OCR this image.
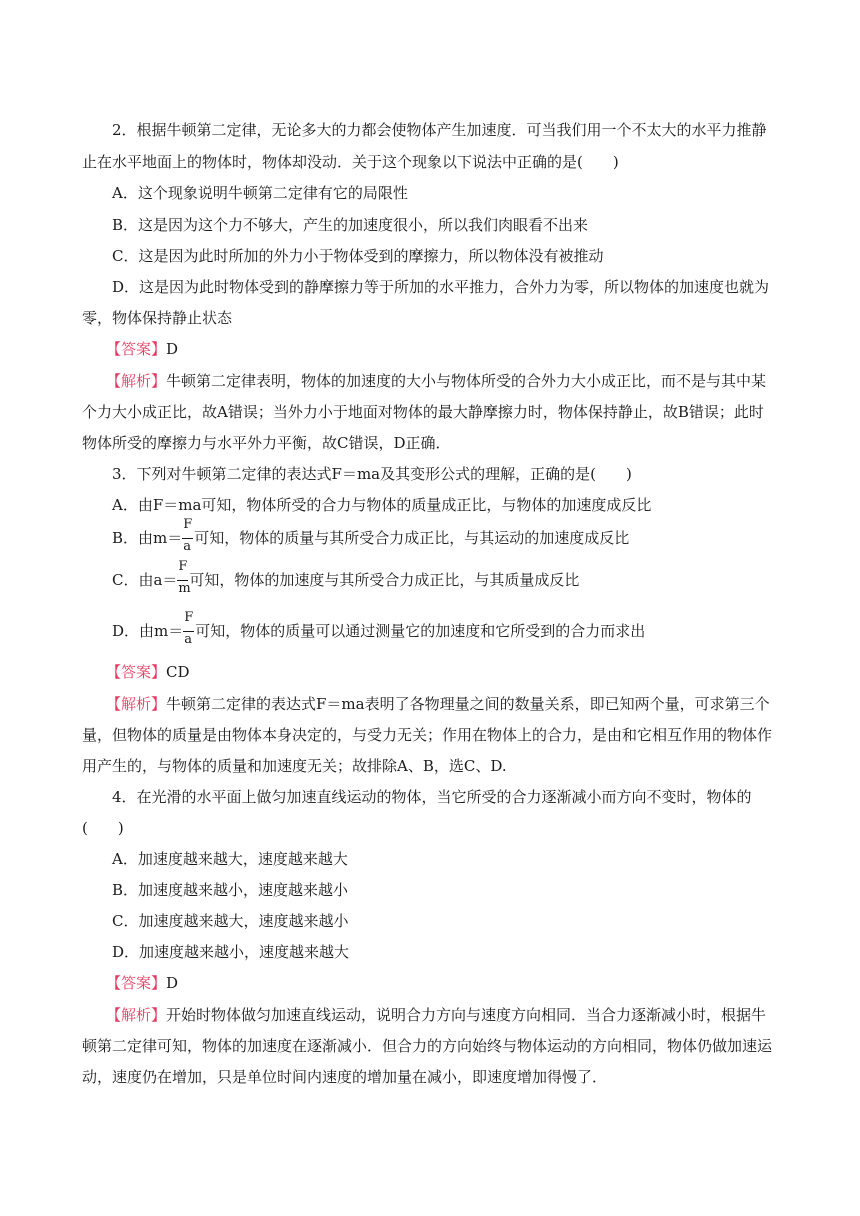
2．根据牛顿第二定律，无论多大的力都会使物体产生加速度．可当我们用一个不太大的水平力推静
止在水平地面上的物体时，物体却没动．关于这个现象以下说法中正确的是(　　)
A．这个现象说明牛顿第二定律有它的局限性
B．这是因为这个力不够大，产生的加速度很小，所以我们肉眼看不出来
C．这是因为此时所加的外力小于物体受到的摩擦力，所以物体没有被推动
D．这是因为此时物体受到的静摩擦力等于所加的水平推力，合外力为零，所以物体的加速度也就为
零，物体保持静止状态
【答案】D
【解析】牛顿第二定律表明，物体的加速度的大小与物体所受的合外力大小成正比，而不是与其中某
个力大小成正比，故A错误；当外力小于地面对物体的最大静摩擦力时，物体保持静止，故B错误；此时
物体所受的摩擦力与水平外力平衡，故C错误，D正确．
3．下列对牛顿第二定律的表达式F＝ma及其变形公式的理解，正确的是(　　)
A．由F＝ma可知，物体所受的合力与物体的质量成正比，与物体的加速度成反比
B．由$m= \frac{F}{a}$ 可知，物体的质量与其所受合力成正比，与其运动的加速度成反比
C．由$a= \frac{F}{m}$ 可知，物体的加速度与其所受合力成正比，与其质量成反比
D．由$m= \frac{F}{a}$ 可知，物体的质量可以通过测量它的加速度和它所受到的合力而求出
【答案】CD
【解析】牛顿第二定律的表达式F＝ma表明了各物理量之间的数量关系，即已知两个量，可求第三个
量，但物体的质量是由物体本身决定的，与受力无关；作用在物体上的合力，是由和它相互作用的物体作
用产生的，与物体的质量和加速度无关；故排除A、B，选C、D.
4．在光滑的水平面上做匀加速直线运动的物体，当它所受的合力逐渐减小而方向不变时，物体的
(　　)
A．加速度越来越大，速度越来越大
B．加速度越来越小，速度越来越小
C．加速度越来越大，速度越来越小
D．加速度越来越小，速度越来越大
【答案】D
【解析】开始时物体做匀加速直线运动，说明合力方向与速度方向相同．当合力逐渐减小时，根据牛
顿第二定律可知，物体的加速度在逐渐减小．但合力的方向始终与物体运动的方向相同，物体仍做加速运
动，速度仍在增加，只是单位时间内速度的增加量在减小，即速度增加得慢了．
